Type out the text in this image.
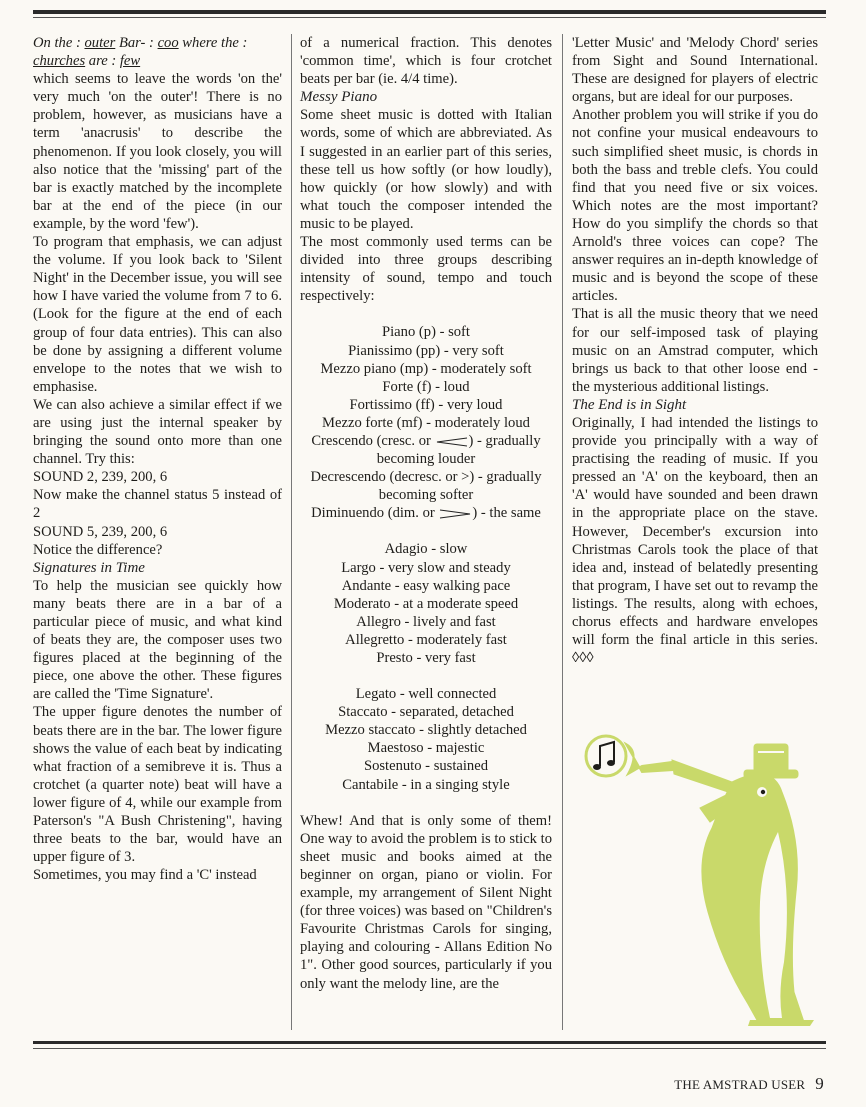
On the : outer Bar- : coo where the : churches are : few

which seems to leave the words 'on the' very much 'on the outer'! There is no problem, however, as musicians have a term 'anacrusis' to describe the phenomenon. If you look closely, you will also notice that the 'missing' part of the bar is exactly matched by the incomplete bar at the end of the piece (in our example, by the word 'few').

To program that emphasis, we can adjust the volume. If you look back to 'Silent Night' in the December issue, you will see how I have varied the volume from 7 to 6. (Look for the figure at the end of each group of four data entries). This can also be done by assigning a different volume envelope to the notes that we wish to emphasise.

We can also achieve a similar effect if we are using just the internal speaker by bringing the sound onto more than one channel. Try this:

SOUND 2, 239, 200, 6

Now make the channel status 5 instead of 2

SOUND 5, 239, 200, 6

Notice the difference?

Signatures in Time

To help the musician see quickly how many beats there are in a bar of a particular piece of music, and what kind of beats they are, the composer uses two figures placed at the beginning of the piece, one above the other. These figures are called the 'Time Signature'.

The upper figure denotes the number of beats there are in the bar. The lower figure shows the value of each beat by indicating what fraction of a semibreve it is. Thus a crotchet (a quarter note) beat will have a lower figure of 4, while our example from Paterson's "A Bush Christening", having three beats to the bar, would have an upper figure of 3.

Sometimes, you may find a 'C' instead

of a numerical fraction. This denotes 'common time', which is four crotchet beats per bar (ie. 4/4 time).

Messy Piano

Some sheet music is dotted with Italian words, some of which are abbreviated. As I suggested in an earlier part of this series, these tell us how softly (or how loudly), how quickly (or how slowly) and with what touch the composer intended the music to be played.

The most commonly used terms can be divided into three groups describing intensity of sound, tempo and touch respectively:

Piano (p) - soft
Pianissimo (pp) - very soft
Mezzo piano (mp) - moderately soft
Forte (f) - loud
Fortissimo (ff) - very loud
Mezzo forte (mf) - moderately loud
Crescendo (cresc. or ) - gradually becoming louder
Decrescendo (decresc. or >) - gradually becoming softer
Diminuendo (dim. or ) - the same
Adagio - slow
Largo - very slow and steady
Andante - easy walking pace
Moderato - at a moderate speed
Allegro - lively and fast
Allegretto - moderately fast
Presto - very fast
Legato - well connected
Staccato - separated, detached
Mezzo staccato - slightly detached
Maestoso - majestic
Sostenuto - sustained
Cantabile - in a singing style

Whew! And that is only some of them! One way to avoid the problem is to stick to sheet music and books aimed at the beginner on organ, piano or violin. For example, my arrangement of Silent Night (for three voices) was based on "Children's Favourite Christmas Carols for singing, playing and colouring - Allans Edition No 1". Other good sources, particularly if you only want the melody line, are the

'Letter Music' and 'Melody Chord' series from Sight and Sound International. These are designed for players of electric organs, but are ideal for our purposes.

Another problem you will strike if you do not confine your musical endeavours to such simplified sheet music, is chords in both the bass and treble clefs. You could find that you need five or six voices. Which notes are the most important? How do you simplify the chords so that Arnold's three voices can cope? The answer requires an in-depth knowledge of music and is beyond the scope of these articles.

That is all the music theory that we need for our self-imposed task of playing music on an Amstrad computer, which brings us back to that other loose end - the mysterious additional listings.

The End is in Sight

Originally, I had intended the listings to provide you principally with a way of practising the reading of music. If you pressed an 'A' on the keyboard, then an 'A' would have sounded and been drawn in the appropriate place on the stave. However, December's excursion into Christmas Carols took the place of that idea and, instead of belatedly presenting that program, I have set out to revamp the listings. The results, along with echoes, chorus effects and hardware envelopes will form the final article in this series. ◊◊◊

THE AMSTRAD USER 9
